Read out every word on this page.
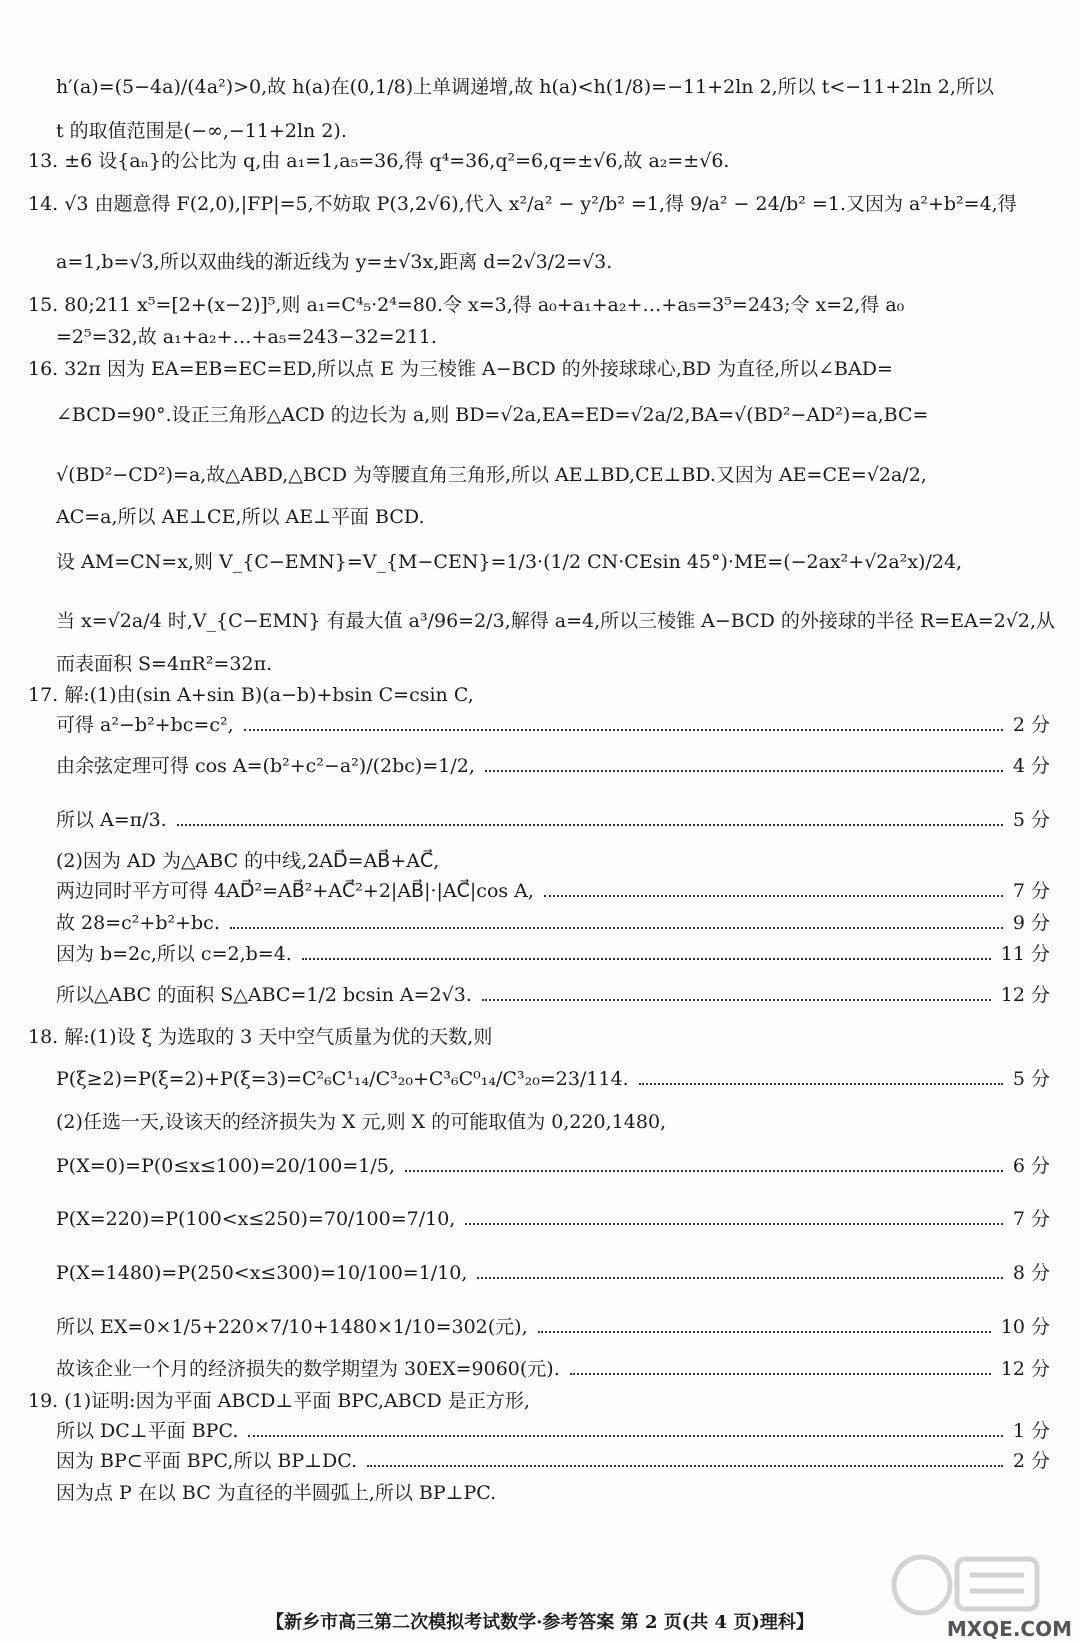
h′(a)=(5−4a)/(4a²)>0,故 h(a)在(0,1/8)上单调递增,故 h(a)<h(1/8)=−11+2ln 2,所以 t<−11+2ln 2,所以
t 的取值范围是(−∞,−11+2ln 2).
13. ±6 设{aₙ}的公比为 q,由 a₁=1,a₅=36,得 q⁴=36,q²=6,q=±√6,故 a₂=±√6.
14. √3 由题意得 F(2,0),|FP|=5,不妨取 P(3,2√6),代入 x²/a² − y²/b² =1,得 9/a² − 24/b² =1.又因为 a²+b²=4,得
a=1,b=√3,所以双曲线的渐近线为 y=±√3x,距离 d=2√3/2=√3.
15. 80;211 x⁵=[2+(x−2)]⁵,则 a₁=C⁴₅·2⁴=80.令 x=3,得 a₀+a₁+a₂+…+a₅=3⁵=243;令 x=2,得 a₀
=2⁵=32,故 a₁+a₂+…+a₅=243−32=211.
16. 32π 因为 EA=EB=EC=ED,所以点 E 为三棱锥 A−BCD 的外接球球心,BD 为直径,所以∠BAD=
∠BCD=90°.设正三角形△ACD 的边长为 a,则 BD=√2a,EA=ED=√2a/2,BA=√(BD²−AD²)=a,BC=
√(BD²−CD²)=a,故△ABD,△BCD 为等腰直角三角形,所以 AE⊥BD,CE⊥BD.又因为 AE=CE=√2a/2,
AC=a,所以 AE⊥CE,所以 AE⊥平面 BCD.
设 AM=CN=x,则 V_{C−EMN}=V_{M−CEN}=1/3·(1/2 CN·CEsin 45°)·ME=(−2ax²+√2a²x)/24,
当 x=√2a/4 时,V_{C−EMN} 有最大值 a³/96=2/3,解得 a=4,所以三棱锥 A−BCD 的外接球的半径 R=EA=2√2,从
而表面积 S=4πR²=32π.
17. 解:(1)由(sin A+sin B)(a−b)+bsin C=csin C,
可得 a²−b²+bc=c²,	2 分
由余弦定理可得 cos A=(b²+c²−a²)/(2bc)=1/2,	4 分
所以 A=π/3.	5 分
(2)因为 AD 为△ABC 的中线,2AD⃗=AB⃗+AC⃗,
两边同时平方可得 4AD⃗²=AB⃗²+AC⃗²+2|AB⃗|·|AC⃗|cos A,	7 分
故 28=c²+b²+bc.	9 分
因为 b=2c,所以 c=2,b=4.	11 分
所以△ABC 的面积 S△ABC=1/2 bcsin A=2√3.	12 分
18. 解:(1)设 ξ 为选取的 3 天中空气质量为优的天数,则
P(ξ≥2)=P(ξ=2)+P(ξ=3)=C²₆C¹₁₄/C³₂₀+C³₆C⁰₁₄/C³₂₀=23/114.	5 分
(2)任选一天,设该天的经济损失为 X 元,则 X 的可能取值为 0,220,1480,
P(X=0)=P(0≤x≤100)=20/100=1/5,	6 分
P(X=220)=P(100<x≤250)=70/100=7/10,	7 分
P(X=1480)=P(250<x≤300)=10/100=1/10,	8 分
所以 EX=0×1/5+220×7/10+1480×1/10=302(元),	10 分
故该企业一个月的经济损失的数学期望为 30EX=9060(元).	12 分
19. (1)证明:因为平面 ABCD⊥平面 BPC,ABCD 是正方形,
所以 DC⊥平面 BPC.	1 分
因为 BP⊂平面 BPC,所以 BP⊥DC.	2 分
因为点 P 在以 BC 为直径的半圆弧上,所以 BP⊥PC.
【新乡市高三第二次模拟考试数学·参考答案 第 2 页(共 4 页)理科】	MXQE.COM
